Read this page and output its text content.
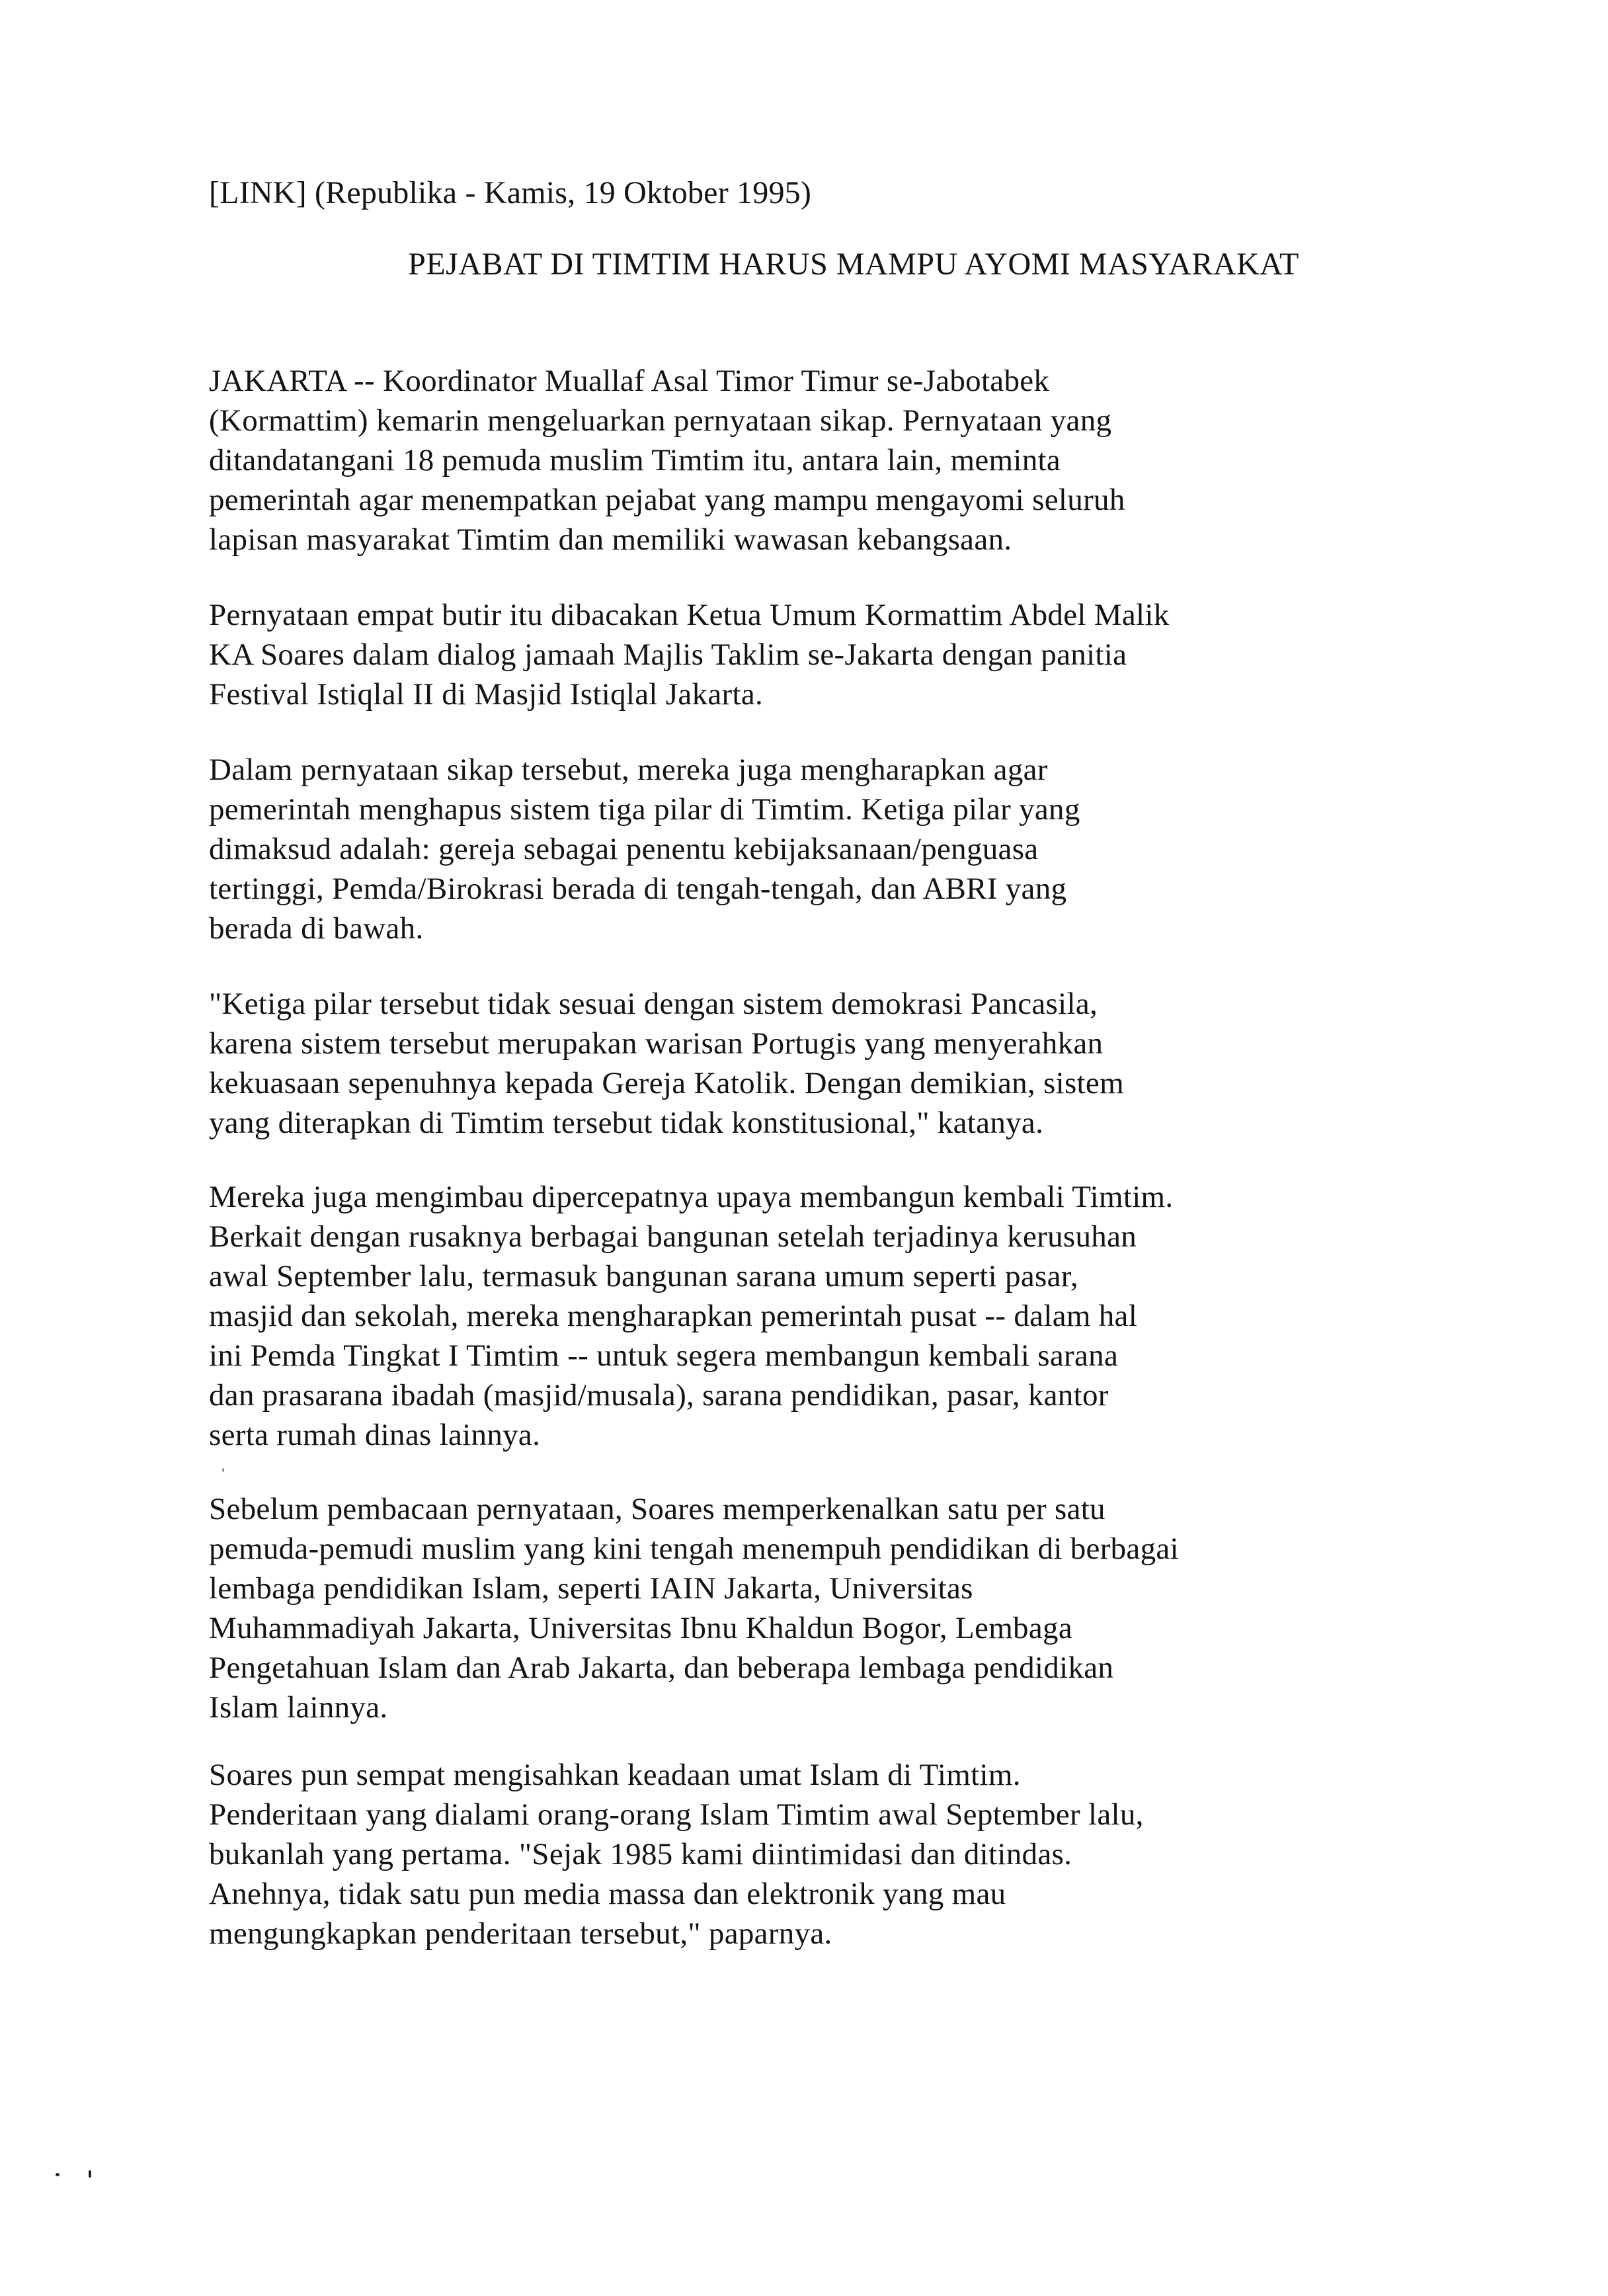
[LINK] (Republika - Kamis, 19 Oktober 1995)
PEJABAT DI TIMTIM HARUS MAMPU AYOMI MASYARAKAT
JAKARTA -- Koordinator Muallaf Asal Timor Timur se-Jabotabek
(Kormattim) kemarin mengeluarkan pernyataan sikap. Pernyataan yang
ditandatangani 18 pemuda muslim Timtim itu, antara lain, meminta
pemerintah agar menempatkan pejabat yang mampu mengayomi seluruh
lapisan masyarakat Timtim dan memiliki wawasan kebangsaan.
Pernyataan empat butir itu dibacakan Ketua Umum Kormattim Abdel Malik
KA Soares dalam dialog jamaah Majlis Taklim se-Jakarta dengan panitia
Festival Istiqlal II di Masjid Istiqlal Jakarta.
Dalam pernyataan sikap tersebut, mereka juga mengharapkan agar
pemerintah menghapus sistem tiga pilar di Timtim. Ketiga pilar yang
dimaksud adalah: gereja sebagai penentu kebijaksanaan/penguasa
tertinggi, Pemda/Birokrasi berada di tengah-tengah, dan ABRI yang
berada di bawah.
"Ketiga pilar tersebut tidak sesuai dengan sistem demokrasi Pancasila,
karena sistem tersebut merupakan warisan Portugis yang menyerahkan
kekuasaan sepenuhnya kepada Gereja Katolik. Dengan demikian, sistem
yang diterapkan di Timtim tersebut tidak konstitusional," katanya.
Mereka juga mengimbau dipercepatnya upaya membangun kembali Timtim.
Berkait dengan rusaknya berbagai bangunan setelah terjadinya kerusuhan
awal September lalu, termasuk bangunan sarana umum seperti pasar,
masjid dan sekolah, mereka mengharapkan pemerintah pusat -- dalam hal
ini Pemda Tingkat I Timtim -- untuk segera membangun kembali sarana
dan prasarana ibadah (masjid/musala), sarana pendidikan, pasar, kantor
serta rumah dinas lainnya.
Sebelum pembacaan pernyataan, Soares memperkenalkan satu per satu
pemuda-pemudi muslim yang kini tengah menempuh pendidikan di berbagai
lembaga pendidikan Islam, seperti IAIN Jakarta, Universitas
Muhammadiyah Jakarta, Universitas Ibnu Khaldun Bogor, Lembaga
Pengetahuan Islam dan Arab Jakarta, dan beberapa lembaga pendidikan
Islam lainnya.
Soares pun sempat mengisahkan keadaan umat Islam di Timtim.
Penderitaan yang dialami orang-orang Islam Timtim awal September lalu,
bukanlah yang pertama. "Sejak 1985 kami diintimidasi dan ditindas.
Anehnya, tidak satu pun media massa dan elektronik yang mau
mengungkapkan penderitaan tersebut," paparnya.
